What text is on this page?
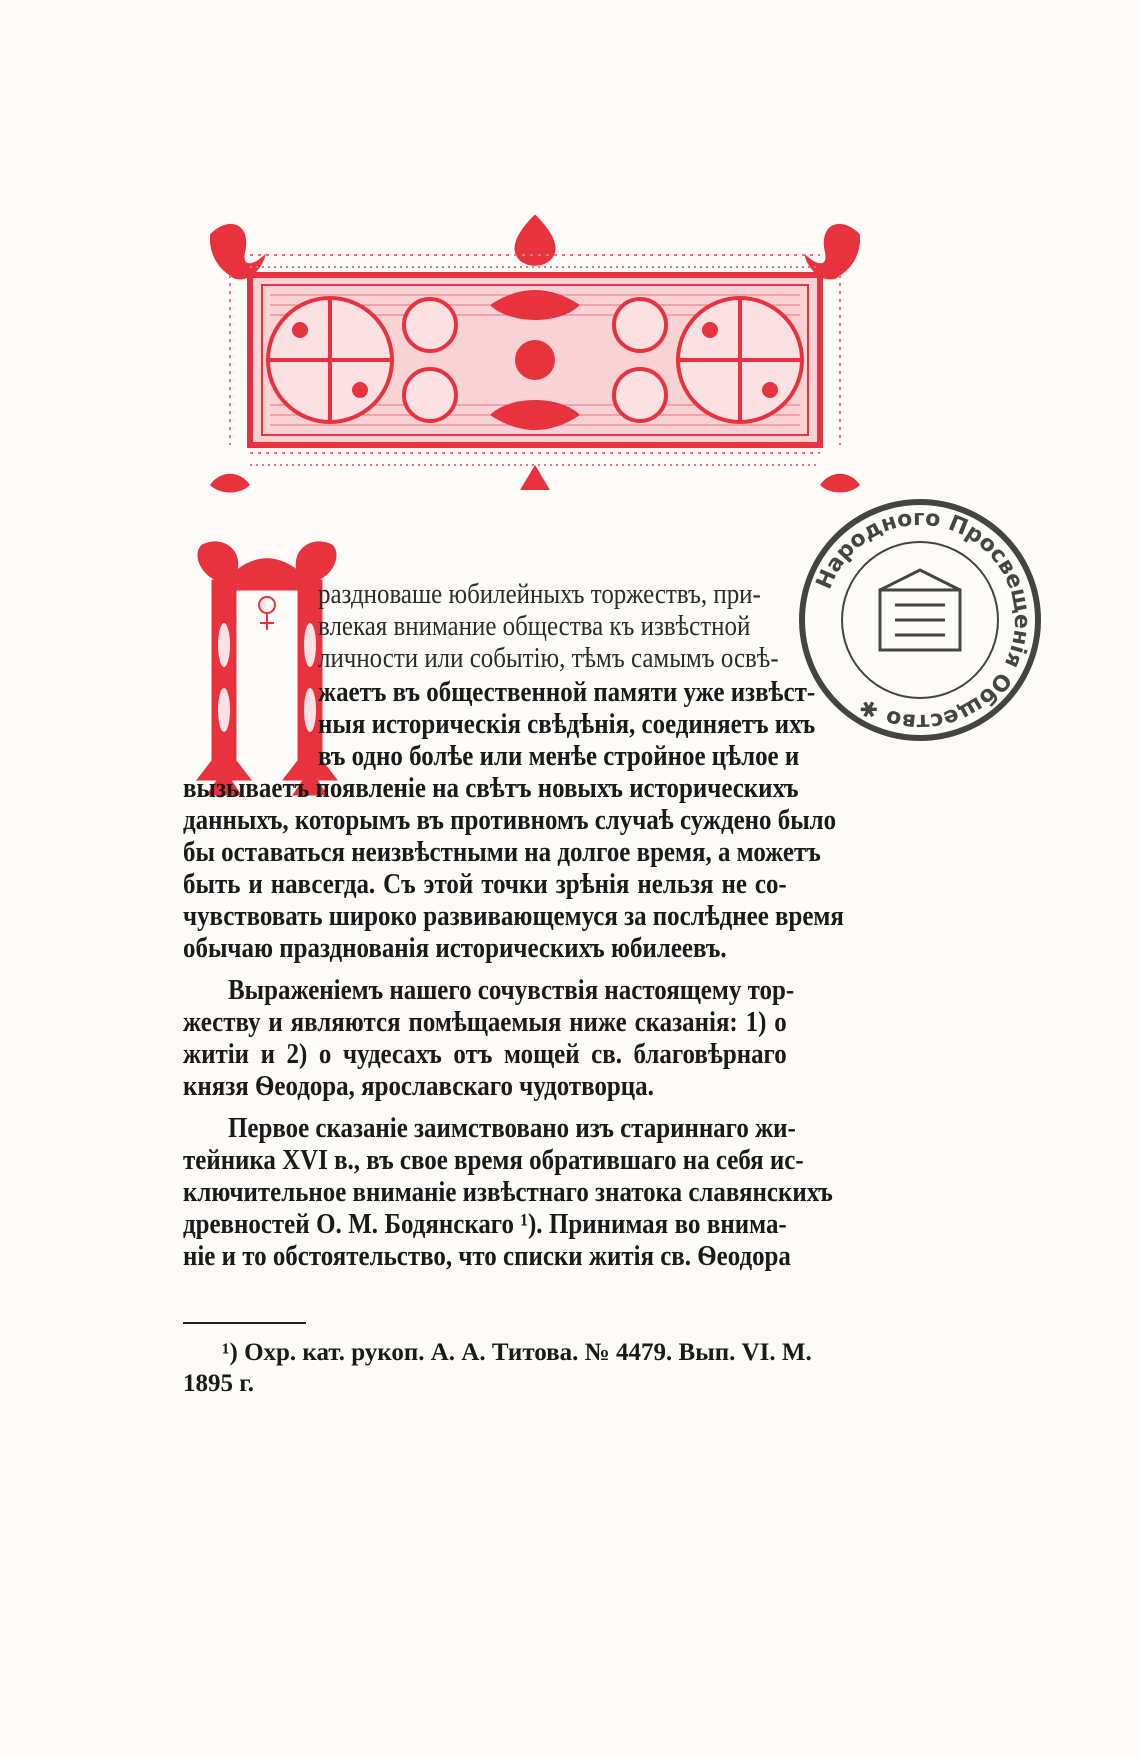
Народного Просвещенія Общество ✱
раздноваше юбилейныхъ торжествъ, при-
влекая внимание общества къ извѣстной
личности или событію, тѣмъ самымъ освѣ-
жаетъ въ общественной памяти уже извѣст-
ныя историческія свѣдѣнія, соединяетъ ихъ
въ одно болѣе или менѣе стройное цѣлое и
вызываетъ появленіе на свѣтъ новыхъ историческихъ
данныхъ, которымъ въ противномъ случаѣ суждено было
бы оставаться неизвѣстными на долгое время, а можетъ
быть и навсегда. Съ этой точки зрѣнія нельзя не со-
чувствовать широко развивающемуся за послѣднее время
обычаю празднованія историческихъ юбилеевъ.
Выраженіемъ нашего сочувствія настоящему тор-
жеству и являются помѣщаемыя ниже сказанія: 1) о
житіи и 2) о чудесахъ отъ мощей св. благовѣрнаго
князя Ѳеодора, ярославскаго чудотворца.
Первое сказаніе заимствовано изъ стариннаго жи-
тейника XVI в., въ свое время обратившаго на себя ис-
ключительное вниманіе извѣстнаго знатока славянскихъ
древностей О. М. Бодянскаго ¹). Принимая во внима-
ніе и то обстоятельство, что списки житія св. Ѳеодора
¹) Охр. кат. рукоп. А. А. Титова. № 4479. Вып. VI. М.
1895 г.
